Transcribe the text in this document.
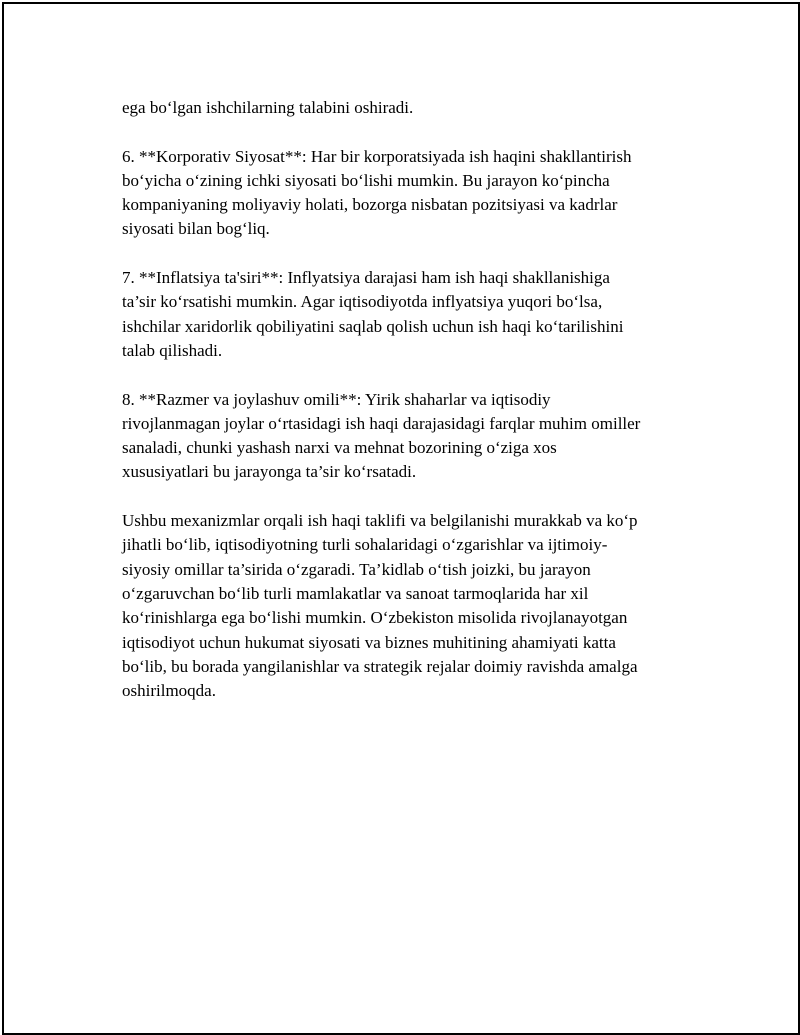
ega bo‘lgan ishchilarning talabini oshiradi.

6. **Korporativ Siyosat**: Har bir korporatsiyada ish haqini shakllantirish
bo‘yicha o‘zining ichki siyosati bo‘lishi mumkin. Bu jarayon ko‘pincha
kompaniyaning moliyaviy holati, bozorga nisbatan pozitsiyasi va kadrlar
siyosati bilan bog‘liq.

7. **Inflatsiya ta'siri**: Inflyatsiya darajasi ham ish haqi shakllanishiga
ta’sir ko‘rsatishi mumkin. Agar iqtisodiyotda inflyatsiya yuqori bo‘lsa,
ishchilar xaridorlik qobiliyatini saqlab qolish uchun ish haqi ko‘tarilishini
talab qilishadi.

8. **Razmer va joylashuv omili**: Yirik shaharlar va iqtisodiy
rivojlanmagan joylar o‘rtasidagi ish haqi darajasidagi farqlar muhim omiller
sanaladi, chunki yashash narxi va mehnat bozorining o‘ziga xos
xususiyatlari bu jarayonga ta’sir ko‘rsatadi.

Ushbu mexanizmlar orqali ish haqi taklifi va belgilanishi murakkab va ko‘p
jihatli bo‘lib, iqtisodiyotning turli sohalaridagi o‘zgarishlar va ijtimoiy-
siyosiy omillar ta’sirida o‘zgaradi. Ta’kidlab o‘tish joizki, bu jarayon
o‘zgaruvchan bo‘lib turli mamlakatlar va sanoat tarmoqlarida har xil
ko‘rinishlarga ega bo‘lishi mumkin. O‘zbekiston misolida rivojlanayotgan
iqtisodiyot uchun hukumat siyosati va biznes muhitining ahamiyati katta
bo‘lib, bu borada yangilanishlar va strategik rejalar doimiy ravishda amalga
oshirilmoqda.
